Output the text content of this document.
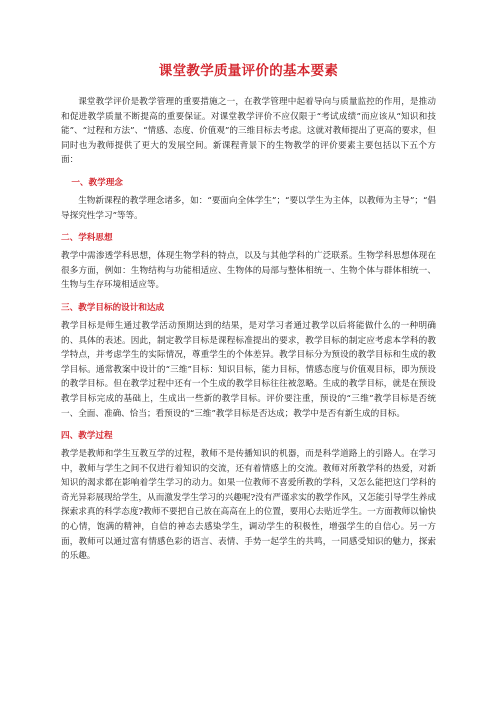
课堂教学质量评价的基本要素

课堂教学评价是教学管理的重要措施之一，在教学管理中起着导向与质量监控的作用，是推动和促进教学质量不断提高的重要保证。对课堂教学评价不应仅限于“考试成绩”而应该从“知识和技能”、“过程和方法”、“情感、态度、价值观”的三维目标去考虑。这就对教师提出了更高的要求，但同时也为教师提供了更大的发展空间。新课程背景下的生物教学的评价要素主要包括以下五个方面：

一、教学理念

生物新课程的教学理念诸多，如：“要面向全体学生”；“要以学生为主体，以教师为主导”；“倡导探究性学习”等等。

二、学科思想

教学中需渗透学科思想，体现生物学科的特点，以及与其他学科的广泛联系。生物学科思想体现在很多方面，例如：生物结构与功能相适应、生物体的局部与整体相统一、生物个体与群体相统一、生物与生存环境相适应等。

三、教学目标的设计和达成

教学目标是师生通过教学活动预期达到的结果，是对学习者通过教学以后将能做什么的一种明确的、具体的表述。因此，制定教学目标是课程标准提出的要求，教学目标的制定应考虑本学科的教学特点，并考虑学生的实际情况，尊重学生的个体差异。教学目标分为预设的教学目标和生成的教学目标。通常教案中设计的“三维”目标：知识目标，能力目标，情感态度与价值观目标，即为预设的教学目标。但在教学过程中还有一个生成的教学目标往往被忽略。生成的教学目标，就是在预设教学目标完成的基础上，生成出一些新的教学目标。评价要注重，预设的“三维”教学目标是否统一、全面、准确、恰当；看预设的“三维”教学目标是否达成；教学中是否有新生成的目标。

四、教学过程

教学是教师和学生互教互学的过程，教师不是传播知识的机器，而是科学道路上的引路人。在学习中，教师与学生之间不仅进行着知识的交流，还有着情感上的交流。教师对所教学科的热爱，对新知识的渴求都在影响着学生学习的动力。如果一位教师不喜爱所教的学科，又怎么能把这门学科的奇光异彩展现给学生，从而激发学生学习的兴趣呢?没有严谨求实的教学作风，又怎能引导学生养成探索求真的科学态度?教师不要把自己放在高高在上的位置，要用心去贴近学生。一方面教师以愉快的心情，饱满的精神，自信的神态去感染学生，调动学生的积极性，增强学生的自信心。另一方面，教师可以通过富有情感色彩的语言、表情、手势一起学生的共鸣，一同感受知识的魅力，探索的乐趣。
